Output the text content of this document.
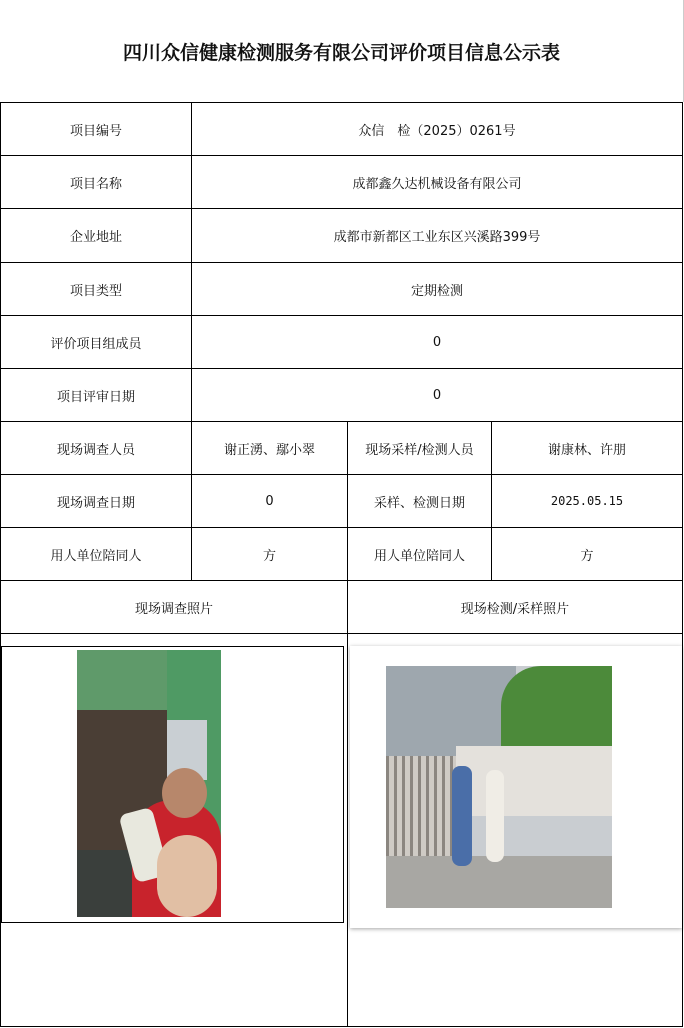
四川众信健康检测服务有限公司评价项目信息公示表
项目编号	众信　检（2025）0261号
项目名称	成都鑫久达机械设备有限公司
企业地址	成都市新都区工业东区兴溪路399号
项目类型	定期检测
评价项目组成员	0
项目评审日期	0
现场调查人员	谢正湧、鄢小翠	现场采样/检测人员	谢康林、许朋
现场调查日期	0	采样、检测日期	2025.05.15
用人单位陪同人	方	用人单位陪同人	方
现场调查照片	现场检测/采样照片
